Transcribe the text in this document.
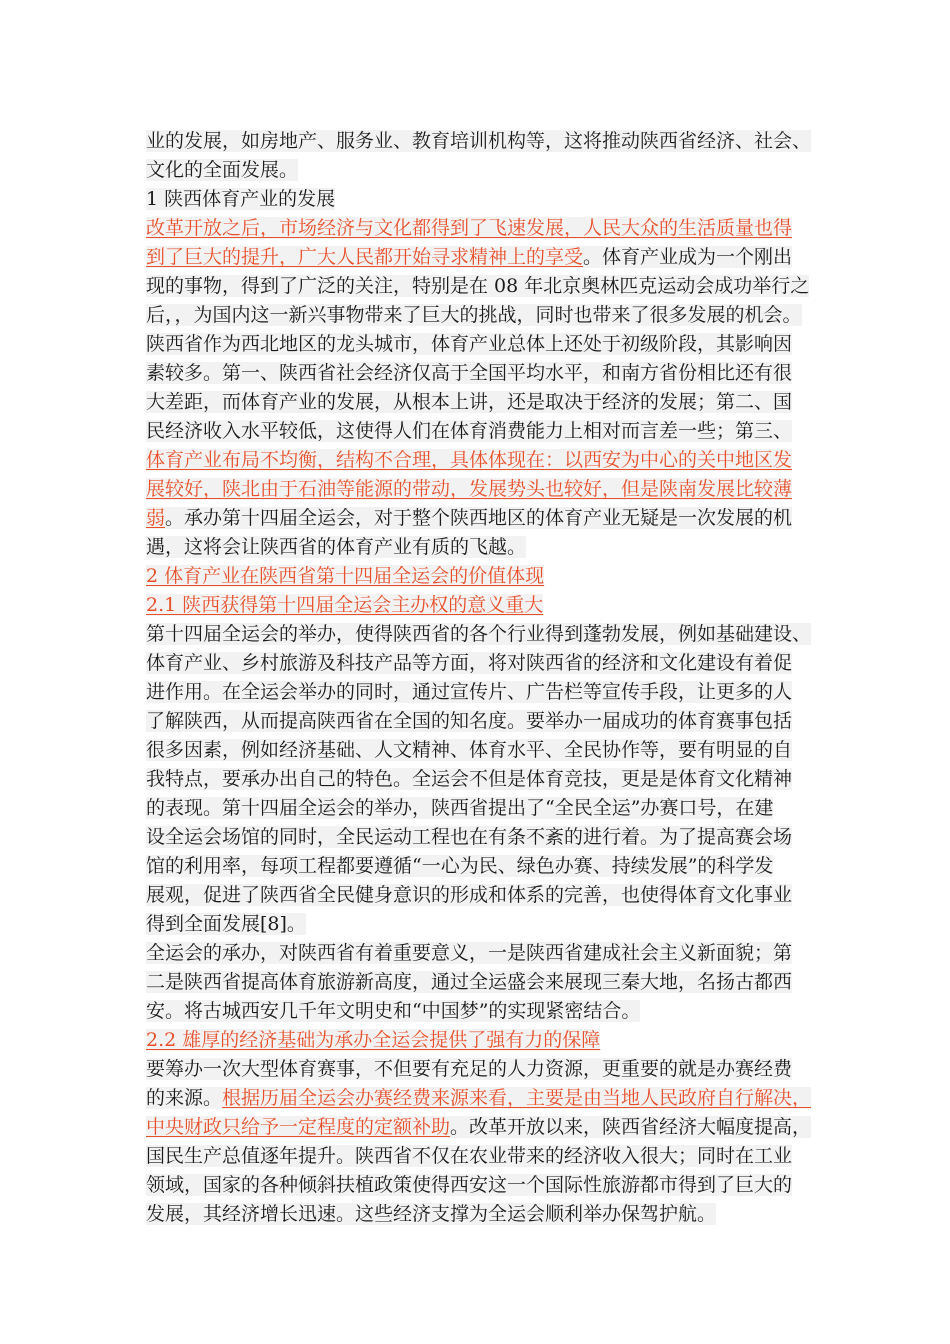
业的发展，如房地产、服务业、教育培训机构等，这将推动陕西省经济、社会、
文化的全面发展。
1 陕西体育产业的发展
改革开放之后，市场经济与文化都得到了飞速发展，人民大众的生活质量也得
到了巨大的提升，广大人民都开始寻求精神上的享受。体育产业成为一个刚出
现的事物，得到了广泛的关注，特别是在 08 年北京奥林匹克运动会成功举行之
后，，为国内这一新兴事物带来了巨大的挑战，同时也带来了很多发展的机会。
陕西省作为西北地区的龙头城市，体育产业总体上还处于初级阶段，其影响因
素较多。第一、陕西省社会经济仅高于全国平均水平，和南方省份相比还有很
大差距，而体育产业的发展，从根本上讲，还是取决于经济的发展；第二、国
民经济收入水平较低，这使得人们在体育消费能力上相对而言差一些；第三、
体育产业布局不均衡，结构不合理，具体体现在：以西安为中心的关中地区发
展较好，陕北由于石油等能源的带动，发展势头也较好，但是陕南发展比较薄
弱。承办第十四届全运会，对于整个陕西地区的体育产业无疑是一次发展的机
遇，这将会让陕西省的体育产业有质的飞越。
2 体育产业在陕西省第十四届全运会的价值体现
2.1 陕西获得第十四届全运会主办权的意义重大
第十四届全运会的举办，使得陕西省的各个行业得到蓬勃发展，例如基础建设、
体育产业、乡村旅游及科技产品等方面，将对陕西省的经济和文化建设有着促
进作用。在全运会举办的同时，通过宣传片、广告栏等宣传手段，让更多的人
了解陕西，从而提高陕西省在全国的知名度。要举办一届成功的体育赛事包括
很多因素，例如经济基础、人文精神、体育水平、全民协作等，要有明显的自
我特点，要承办出自己的特色。全运会不但是体育竞技，更是是体育文化精神
的表现。第十四届全运会的举办，陕西省提出了“全民全运”办赛口号，在建
设全运会场馆的同时，全民运动工程也在有条不紊的进行着。为了提高赛会场
馆的利用率，每项工程都要遵循“一心为民、绿色办赛、持续发展”的科学发
展观，促进了陕西省全民健身意识的形成和体系的完善，也使得体育文化事业
得到全面发展[8]。
全运会的承办，对陕西省有着重要意义，一是陕西省建成社会主义新面貌；第
二是陕西省提高体育旅游新高度，通过全运盛会来展现三秦大地，名扬古都西
安。将古城西安几千年文明史和“中国梦”的实现紧密结合。
2.2 雄厚的经济基础为承办全运会提供了强有力的保障
要筹办一次大型体育赛事，不但要有充足的人力资源，更重要的就是办赛经费
的来源。根据历届全运会办赛经费来源来看，主要是由当地人民政府自行解决，
中央财政只给予一定程度的定额补助。改革开放以来，陕西省经济大幅度提高，
国民生产总值逐年提升。陕西省不仅在农业带来的经济收入很大；同时在工业
领域，国家的各种倾斜扶植政策使得西安这一个国际性旅游都市得到了巨大的
发展，其经济增长迅速。这些经济支撑为全运会顺利举办保驾护航。
